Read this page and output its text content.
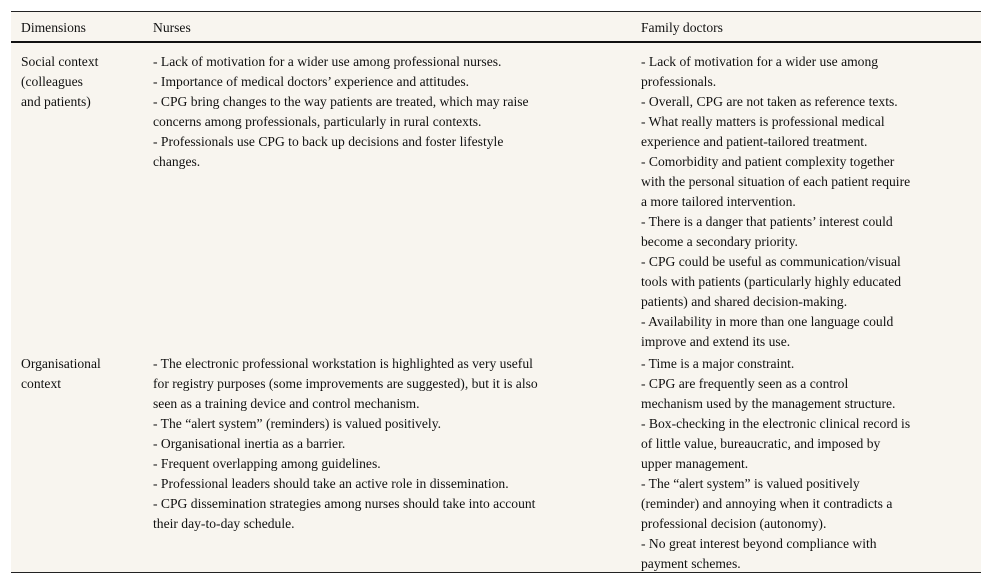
Dimensions	Nurses	Family doctors
Social context
(colleagues
and patients)
- Lack of motivation for a wider use among professional nurses.
- Importance of medical doctors’ experience and attitudes.
- CPG bring changes to the way patients are treated, which may raise
concerns among professionals, particularly in rural contexts.
- Professionals use CPG to back up decisions and foster lifestyle
changes.
- Lack of motivation for a wider use among
professionals.
- Overall, CPG are not taken as reference texts.
- What really matters is professional medical
experience and patient-tailored treatment.
- Comorbidity and patient complexity together
with the personal situation of each patient require
a more tailored intervention.
- There is a danger that patients’ interest could
become a secondary priority.
- CPG could be useful as communication/visual
tools with patients (particularly highly educated
patients) and shared decision-making.
- Availability in more than one language could
improve and extend its use.
Organisational
context
- The electronic professional workstation is highlighted as very useful
for registry purposes (some improvements are suggested), but it is also
seen as a training device and control mechanism.
- The “alert system” (reminders) is valued positively.
- Organisational inertia as a barrier.
- Frequent overlapping among guidelines.
- Professional leaders should take an active role in dissemination.
- CPG dissemination strategies among nurses should take into account
their day-to-day schedule.
- Time is a major constraint.
- CPG are frequently seen as a control
mechanism used by the management structure.
- Box-checking in the electronic clinical record is
of little value, bureaucratic, and imposed by
upper management.
- The “alert system” is valued positively
(reminder) and annoying when it contradicts a
professional decision (autonomy).
- No great interest beyond compliance with
payment schemes.
